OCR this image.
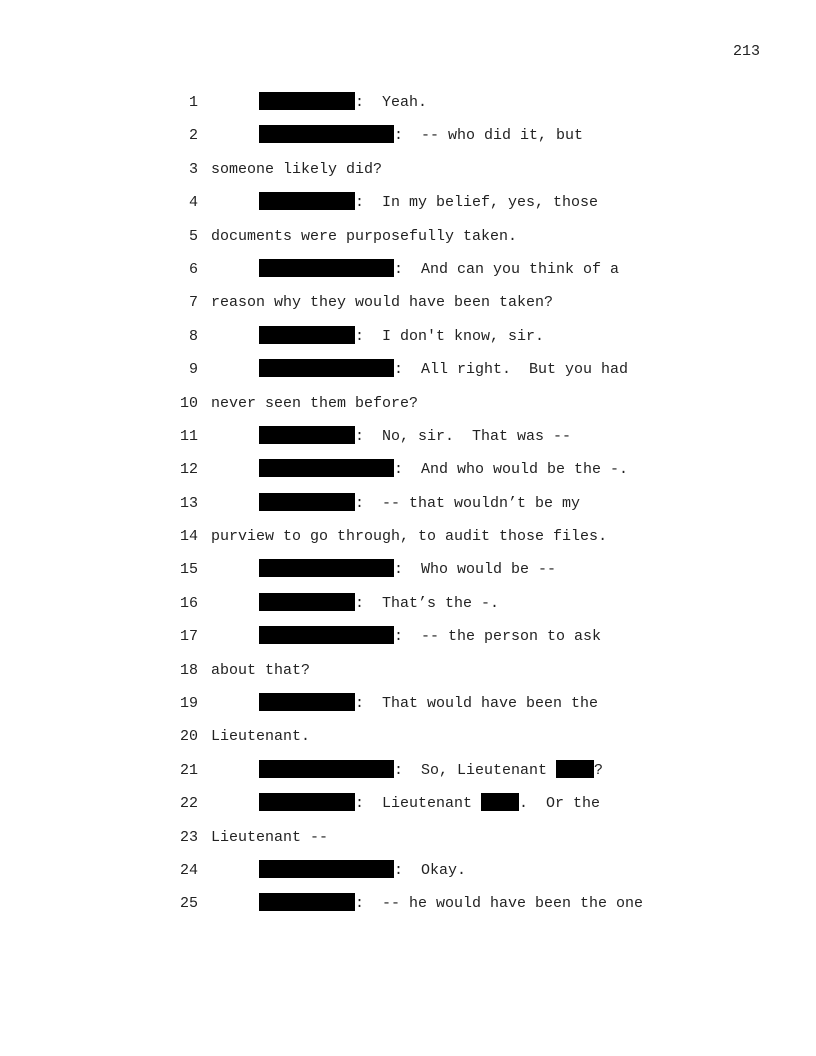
213
1	:  Yeah.
2	:  -- who did it, but
3 someone likely did?
4	:  In my belief, yes, those
5 documents were purposefully taken.
6	:  And can you think of a
7 reason why they would have been taken?
8	:  I don't know, sir.
9	:  All right.  But you had
10 never seen them before?
11	:  No, sir.  That was --
12	:  And who would be the -.
13	:  -- that wouldn’t be my
14 purview to go through, to audit those files.
15	:  Who would be --
16	:  That’s the -.
17	:  -- the person to ask
18 about that?
19	:  That would have been the
20 Lieutenant.
21	:  So, Lieutenant	?
22	:  Lieutenant	.  Or the
23 Lieutenant --
24	:  Okay.
25	:  -- he would have been the one
